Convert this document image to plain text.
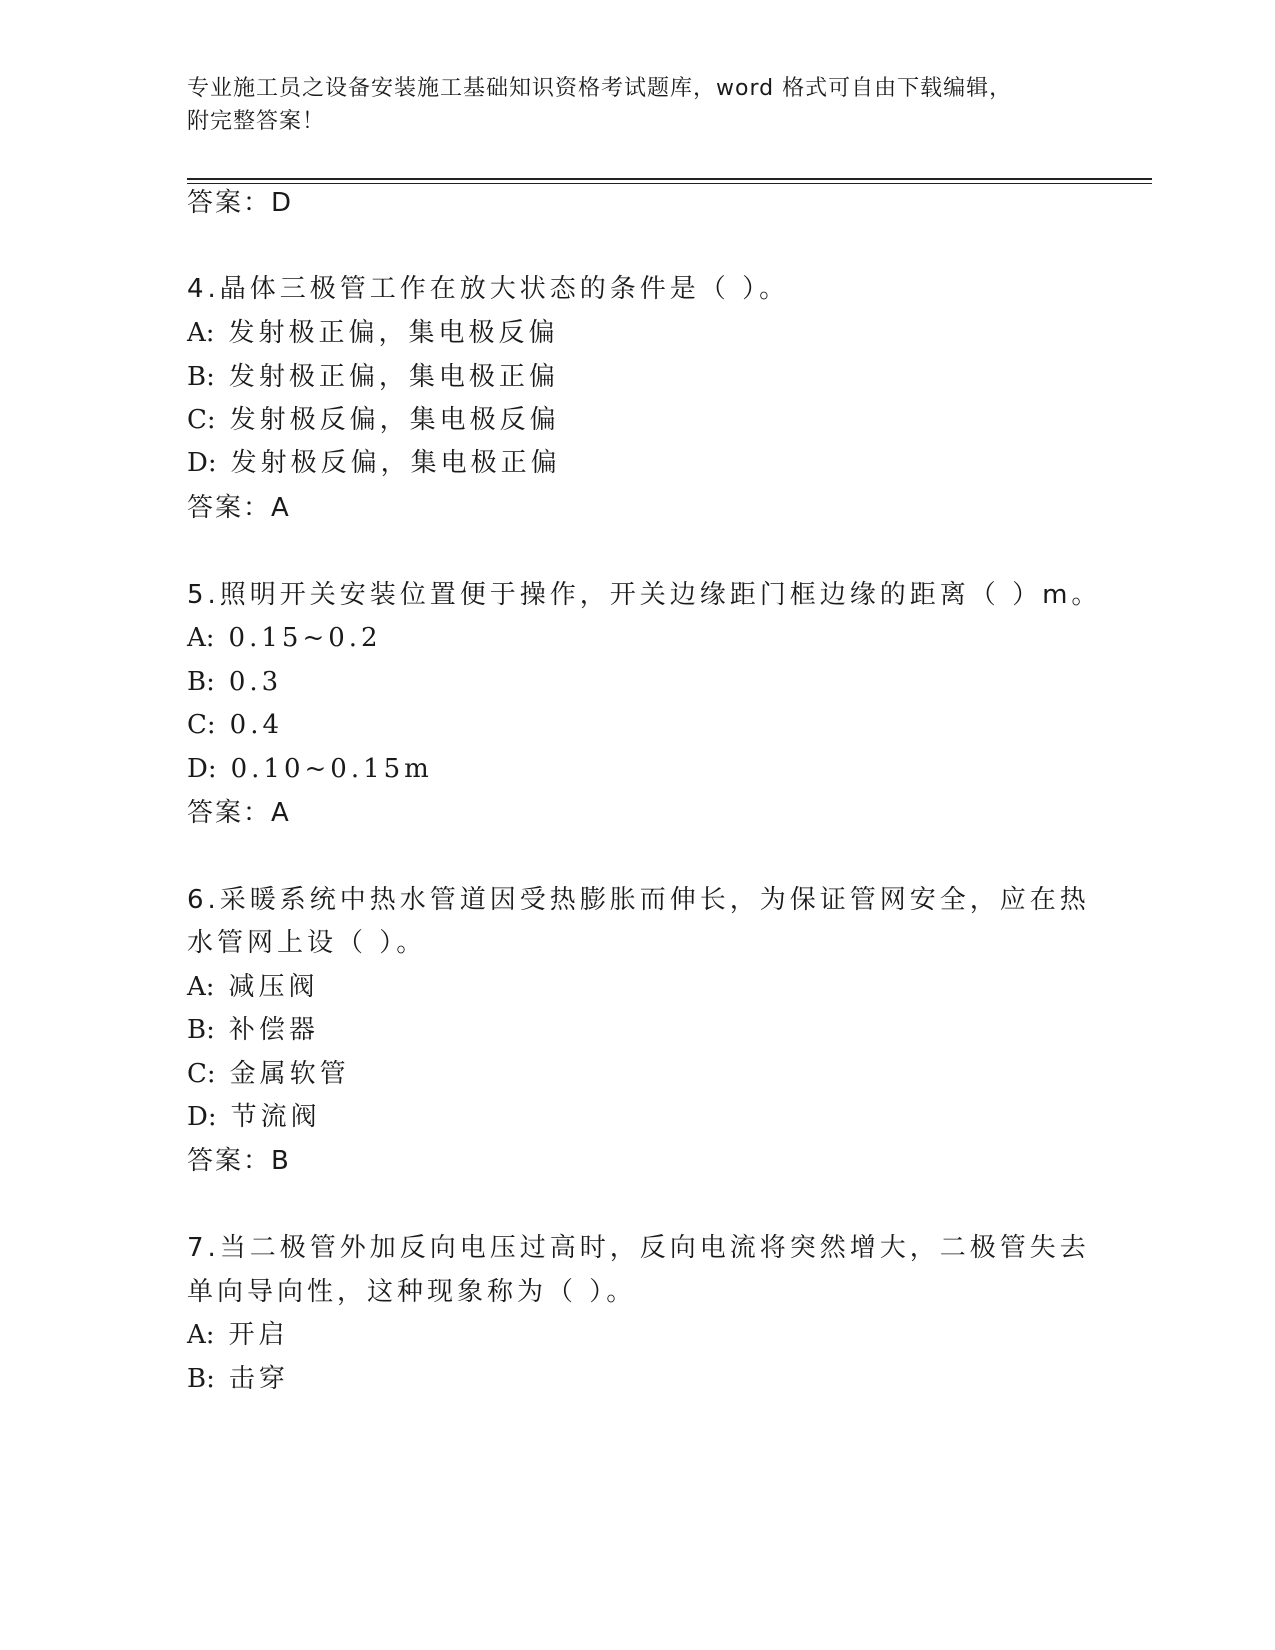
专业施工员之设备安装施工基础知识资格考试题库，word 格式可自由下载编辑，
附完整答案！
答案：D
4.晶体三极管工作在放大状态的条件是（ ）。
A: 发射极正偏，集电极反偏
B: 发射极正偏，集电极正偏
C: 发射极反偏，集电极反偏
D: 发射极反偏，集电极正偏
答案：A
5.照明开关安装位置便于操作，开关边缘距门框边缘的距离（ ）m。
A: 0.15~0.2
B: 0.3
C: 0.4
D: 0.10~0.15m
答案：A
6.采暖系统中热水管道因受热膨胀而伸长，为保证管网安全，应在热
水管网上设（ ）。
A: 减压阀
B: 补偿器
C: 金属软管
D: 节流阀
答案：B
7.当二极管外加反向电压过高时，反向电流将突然增大，二极管失去
单向导向性，这种现象称为（ ）。
A: 开启
B: 击穿
